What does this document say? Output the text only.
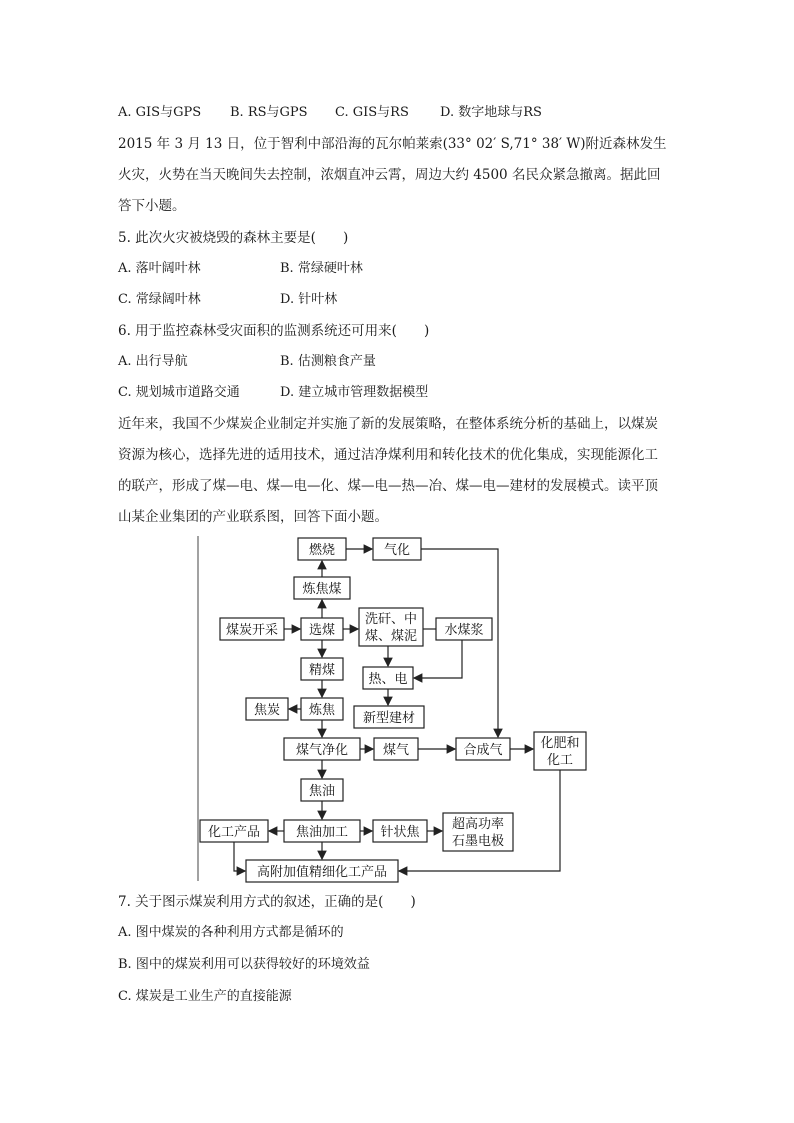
A. GIS与GPS B. RS与GPS C. GIS与RS D. 数字地球与RS
2015 年 3 月 13 日，位于智利中部沿海的瓦尔帕莱索(33° 02′ S,71° 38′ W)附近森林发生
火灾，火势在当天晚间失去控制，浓烟直冲云霄，周边大约 4500 名民众紧急撤离。据此回
答下小题。
5. 此次火灾被烧毁的森林主要是(　　)
A. 落叶阔叶林	B. 常绿硬叶林
C. 常绿阔叶林	D. 针叶林
6. 用于监控森林受灾面积的监测系统还可用来(　　)
A. 出行导航	B. 估测粮食产量
C. 规划城市道路交通	D. 建立城市管理数据模型
近年来，我国不少煤炭企业制定并实施了新的发展策略，在整体系统分析的基础上，以煤炭
资源为核心，选择先进的适用技术，通过洁净煤利用和转化技术的优化集成，实现能源化工
的联产，形成了煤—电、煤—电—化、煤—电—热—冶、煤—电—建材的发展模式。读平顶
山某企业集团的产业联系图，回答下面小题。
燃烧	气化
炼焦煤
煤炭开采 选煤
洗矸、中
煤、煤泥 水煤浆
精煤
热、电
焦炭 炼焦
新型建材
煤气净化	煤气	合成气	化肥和
化工
焦油
化工产品	焦油加工 针状焦
超高功率
石墨电极
高附加值精细化工产品
7. 关于图示煤炭利用方式的叙述，正确的是(　　)
A. 图中煤炭的各种利用方式都是循环的
B. 图中的煤炭利用可以获得较好的环境效益
C. 煤炭是工业生产的直接能源
